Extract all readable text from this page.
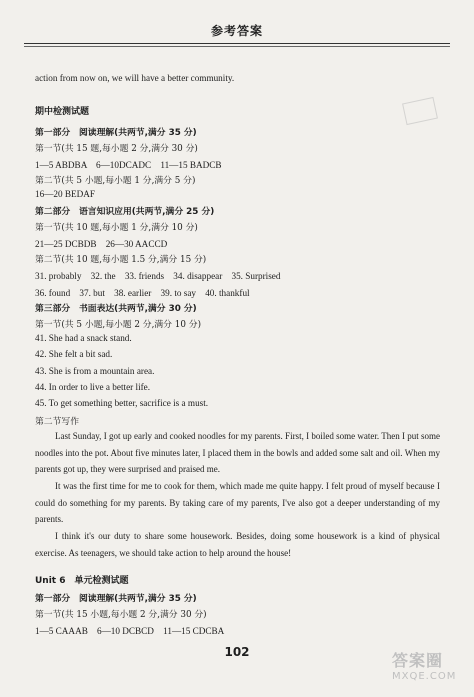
参考答案
action from now on, we will have a better community.
期中检测试题
第一部分　阅读理解(共两节,满分 35 分)
第一节(共 15 题,每小题 2 分,满分 30 分)
1—5 ABDBA　6—10DCADC　11—15 BADCB
第二节(共 5 小题,每小题 1 分,满分 5 分)
16—20 BEDAF
第二部分　语言知识应用(共两节,满分 25 分)
第一节(共 10 题,每小题 1 分,满分 10 分)
21—25 DCBDB　26—30 AACCD
第二节(共 10 题,每小题 1.5 分,满分 15 分)
31. probably　32. the　33. friends　34. disappear　35. Surprised
36. found　37. but　38. earlier　39. to say　40. thankful
第三部分　书面表达(共两节,满分 30 分)
第一节(共 5 小题,每小题 2 分,满分 10 分)
41. She had a snack stand.
42. She felt a bit sad.
43. She is from a mountain area.
44. In order to live a better life.
45. To get something better, sacrifice is a must.
第二节写作
Last Sunday, I got up early and cooked noodles for my parents. First, I boiled some water. Then I put some noodles into the pot. About five minutes later, I placed them in the bowls and added some salt and oil. When my parents got up, they were surprised and praised me.
It was the first time for me to cook for them, which made me quite happy. I felt proud of myself because I could do something for my parents. By taking care of my parents, I've also got a deeper understanding of my parents.
I think it's our duty to share some housework. Besides, doing some housework is a kind of physical exercise. As teenagers, we should take action to help around the house!
Unit 6　单元检测试题
第一部分　阅读理解(共两节,满分 35 分)
第一节(共 15 小题,每小题 2 分,满分 30 分)
1—5 CAAAB　6—10 DCBCD　11—15 CDCBA
102	答案圈
MXQE.COM
